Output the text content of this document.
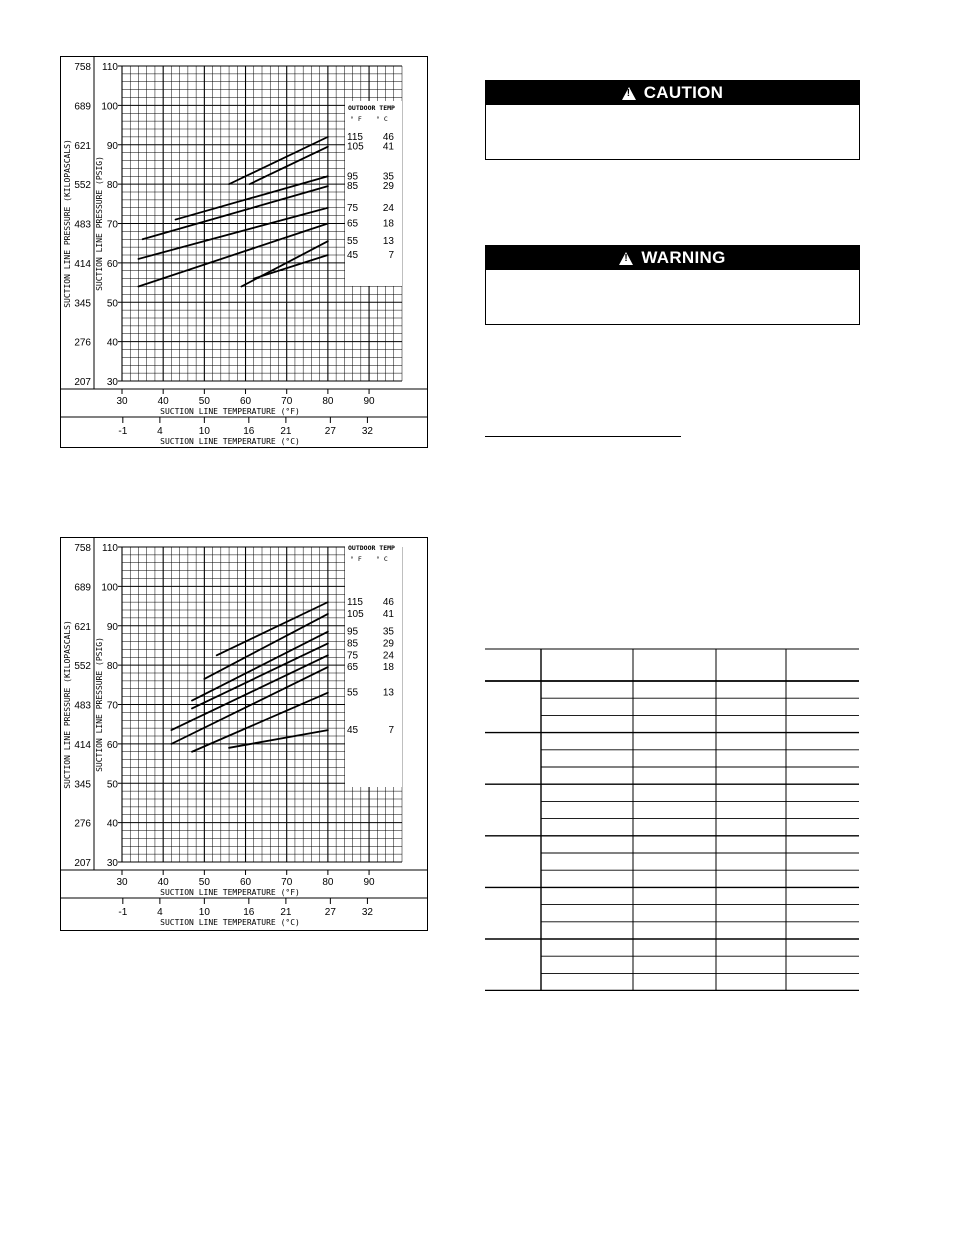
30
40
50
60
70
80
90
100
110
207
276
345
414
483
552
621
689
758
SUCTION LINE PRESSURE (KILOPASCALS)	SUCTION LINE PRESSURE (PSIG)
30	40	50	60	70	80	90
SUCTION LINE TEMPERATURE (°F)
-1	4	10	16	21	27	32
SUCTION LINE TEMPERATURE (°C)
OUTDOOR TEMP
° F ° C
115 46
105 41
95 35
85 29
75 24
65 18
55 13
45	7
30
40
50
60
70
80
90
100
110
207
276
345
414
483
552
621
689
758
SUCTION LINE PRESSURE (KILOPASCALS)	SUCTION LINE PRESSURE (PSIG)
30	40	50	60	70	80	90
SUCTION LINE TEMPERATURE (°F)
-1	4	10	16	21	27	32
SUCTION LINE TEMPERATURE (°C)
OUTDOOR TEMP
° F ° C
115 46
105 41
95 35
85 29
75 24
65 18
55 13
45	7
!
CAUTION
!
WARNING
